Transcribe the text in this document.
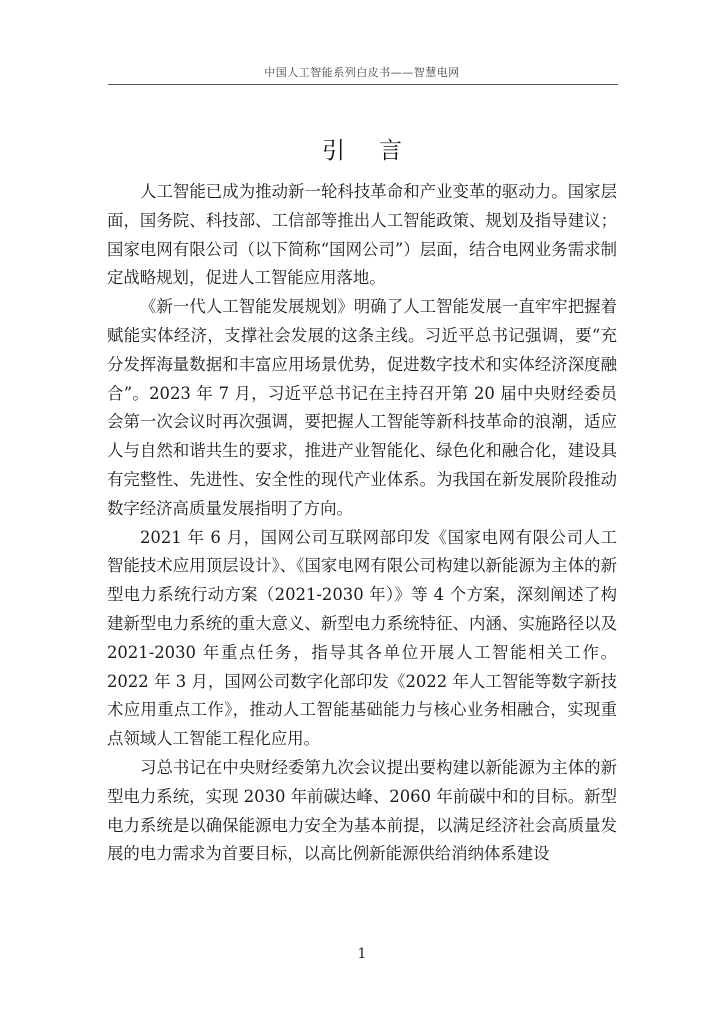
中国人工智能系列白皮书——智慧电网
引言

人工智能已成为推动新一轮科技革命和产业变革的驱动力。国家层面，国务院、科技部、工信部等推出人工智能政策、规划及指导建议；国家电网有限公司（以下简称“国网公司”）层面，结合电网业务需求制定战略规划，促进人工智能应用落地。

《新一代人工智能发展规划》明确了人工智能发展一直牢牢把握着赋能实体经济，支撑社会发展的这条主线。习近平总书记强调，要“充分发挥海量数据和丰富应用场景优势，促进数字技术和实体经济深度融合”。2023 年 7 月，习近平总书记在主持召开第 20 届中央财经委员会第一次会议时再次强调，要把握人工智能等新科技革命的浪潮，适应人与自然和谐共生的要求，推进产业智能化、绿色化和融合化，建设具有完整性、先进性、安全性的现代产业体系。为我国在新发展阶段推动数字经济高质量发展指明了方向。

2021 年 6 月，国网公司互联网部印发《国家电网有限公司人工智能技术应用顶层设计》、《国家电网有限公司构建以新能源为主体的新型电力系统行动方案（2021-2030 年）》等 4 个方案，深刻阐述了构建新型电力系统的重大意义、新型电力系统特征、内涵、实施路径以及 2021-2030 年重点任务，指导其各单位开展人工智能相关工作。2022 年 3 月，国网公司数字化部印发《2022 年人工智能等数字新技术应用重点工作》，推动人工智能基础能力与核心业务相融合，实现重点领域人工智能工程化应用。

习总书记在中央财经委第九次会议提出要构建以新能源为主体的新型电力系统，实现 2030 年前碳达峰、2060 年前碳中和的目标。新型电力系统是以确保能源电力安全为基本前提，以满足经济社会高质量发展的电力需求为首要目标，以高比例新能源供给消纳体系建设

1
